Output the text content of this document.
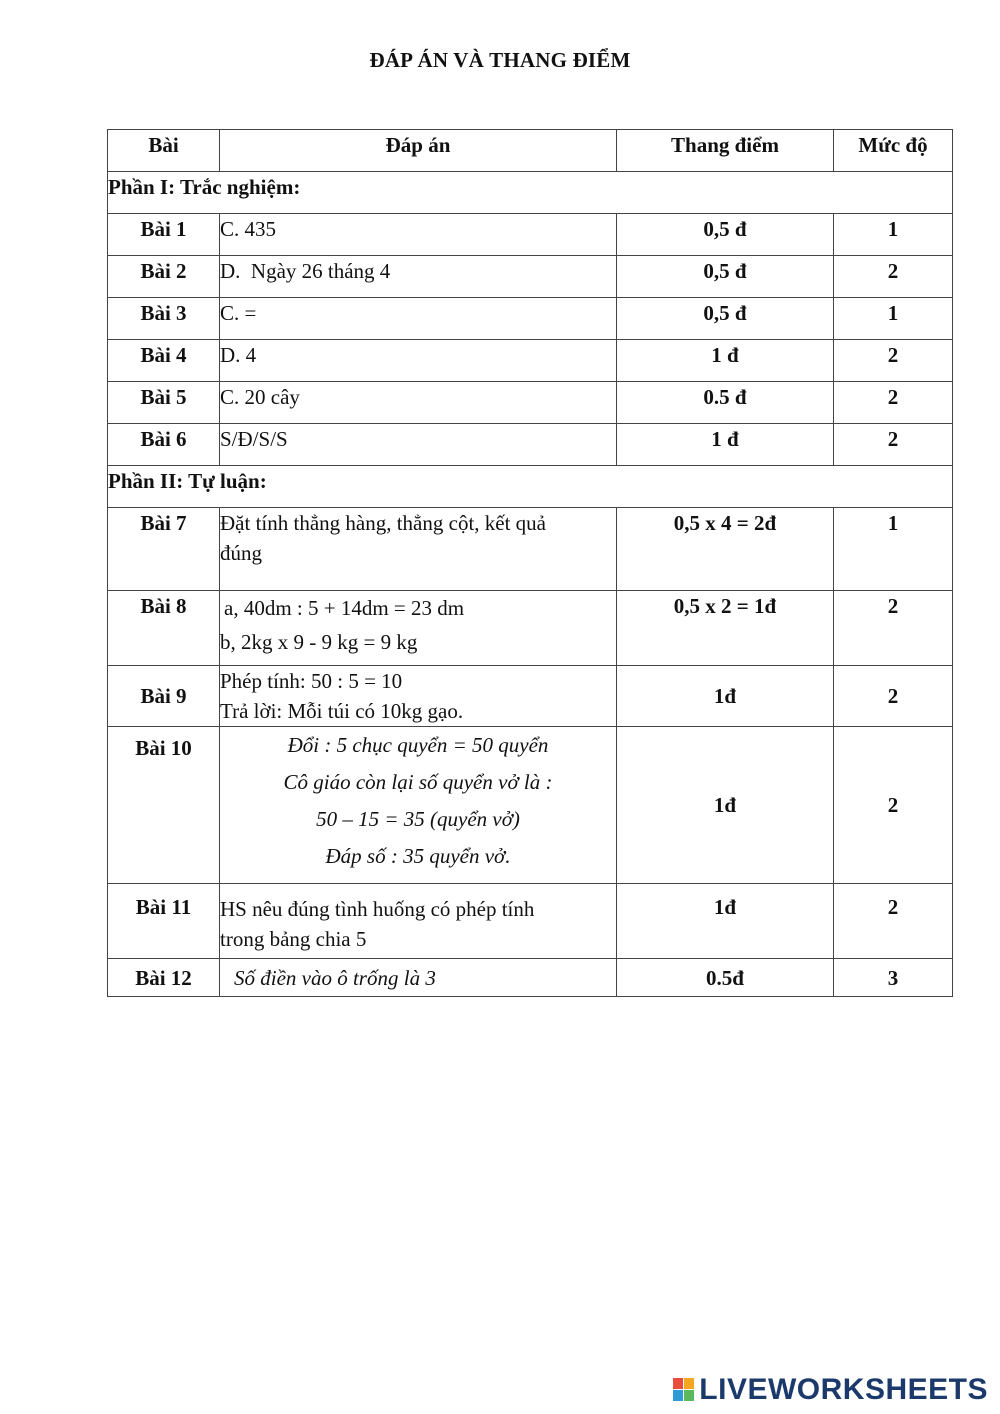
ĐÁP ÁN VÀ THANG ĐIỂM
Bài	Đáp án	Thang điểm	Mức độ
Phần I: Trắc nghiệm:			
Bài 1	C. 435	0,5 đ	1
Bài 2	D.  Ngày 26 tháng 4	0,5 đ	2
Bài 3	C. =	0,5 đ	1
Bài 4	D. 4	1 đ	2
Bài 5	C. 20 cây	0.5 đ	2
Bài 6	S/Đ/S/S	1 đ	2
Phần II: Tự luận:			
Bài 7	Đặt tính thẳng hàng, thẳng cột, kết quả
đúng	0,5 x 4 = 2đ	1
Bài 8	a, 40dm : 5 + 14dm = 23 dm
b, 2kg x 9 - 9 kg = 9 kg	0,5 x 2 = 1đ	2
Bài 9	Phép tính: 50 : 5 = 10
Trả lời: Mỗi túi có 10kg gạo.	1đ	2
Bài 10	Đổi : 5 chục quyển = 50 quyển
Cô giáo còn lại số quyển vở là :
50 – 15 = 35 (quyển vở)
Đáp số : 35 quyển vở.	1đ	2
Bài 11	HS nêu đúng tình huống có phép tính
trong bảng chia 5	1đ	2
Bài 12	Số điền vào ô trống là 3	0.5đ	3
LIVEWORKSHEETS
